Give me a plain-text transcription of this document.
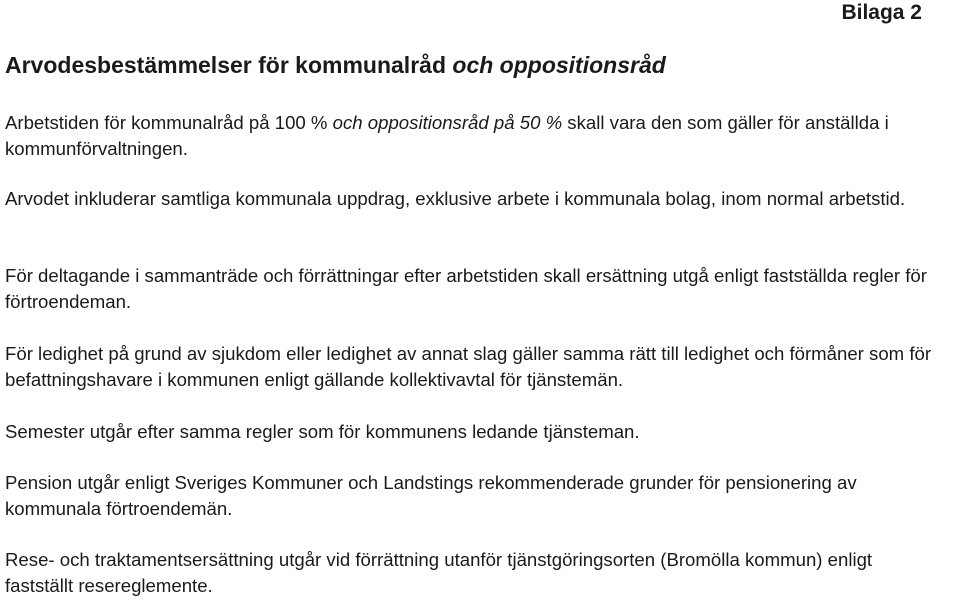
Bilaga 2
Arvodesbestämmelser för kommunalråd och oppositionsråd
Arbetstiden för kommunalråd på 100 % och oppositionsråd på 50 % skall vara den som gäller för anställda i kommunförvaltningen.
Arvodet inkluderar samtliga kommunala uppdrag, exklusive arbete i kommunala bolag, inom normal arbetstid.
För deltagande i sammanträde och förrättningar efter arbetstiden skall ersättning utgå enligt fastställda regler för förtroendeman.
För ledighet på grund av sjukdom eller ledighet av annat slag gäller samma rätt till ledighet och förmåner som för befattningshavare i kommunen enligt gällande kollektivavtal för tjänstemän.
Semester utgår efter samma regler som för kommunens ledande tjänsteman.
Pension utgår enligt Sveriges Kommuner och Landstings rekommenderade grunder för pensionering av kommunala förtroendemän.
Rese- och traktamentsersättning utgår vid förrättning utanför tjänstgöringsorten (Bromölla kommun) enligt fastställt resereglemente.
